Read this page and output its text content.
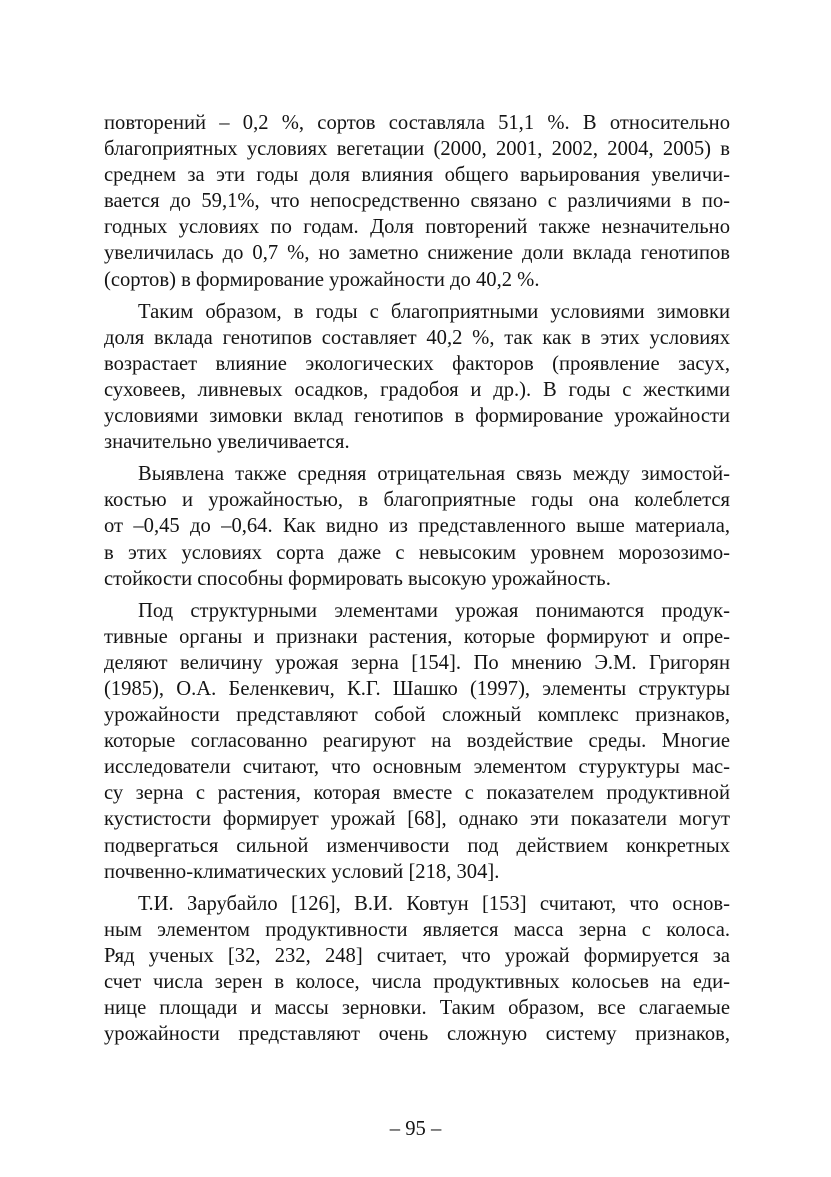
повторений – 0,2 %, сортов составляла 51,1 %. В относительно
благоприятных условиях вегетации (2000, 2001, 2002, 2004, 2005) в
среднем за эти годы доля влияния общего варьирования увеличи-
вается до 59,1%, что непосредственно связано с различиями в по-
годных условиях по годам. Доля повторений также незначительно
увеличилась до 0,7 %, но заметно снижение доли вклада генотипов
(сортов) в формирование урожайности до 40,2 %.
Таким образом, в годы с благоприятными условиями зимовки
доля вклада генотипов составляет 40,2 %, так как в этих условиях
возрастает влияние экологических факторов (проявление засух,
суховеев, ливневых осадков, градобоя и др.). В годы с жесткими
условиями зимовки вклад генотипов в формирование урожайности
значительно увеличивается.
Выявлена также средняя отрицательная связь между зимостой-
костью и урожайностью, в благоприятные годы она колеблется
от –0,45 до –0,64. Как видно из представленного выше материала,
в этих условиях сорта даже с невысоким уровнем морозозимо-
стойкости способны формировать высокую урожайность.
Под структурными элементами урожая понимаются продук-
тивные органы и признаки растения, которые формируют и опре-
деляют величину урожая зерна [154]. По мнению Э.М. Григорян
(1985), О.А. Беленкевич, К.Г. Шашко (1997), элементы структуры
урожайности представляют собой сложный комплекс признаков,
которые согласованно реагируют на воздействие среды. Многие
исследователи считают, что основным элементом стуруктуры мас-
су зерна с растения, которая вместе с показателем продуктивной
кустистости формирует урожай [68], однако эти показатели могут
подвергаться сильной изменчивости под действием конкретных
почвенно-климатических условий [218, 304].
Т.И. Зарубайло [126], В.И. Ковтун [153] считают, что основ-
ным элементом продуктивности является масса зерна с колоса.
Ряд ученых [32, 232, 248] считает, что урожай формируется за
счет числа зерен в колосе, числа продуктивных колосьев на еди-
нице площади и массы зерновки. Таким образом, все слагаемые
урожайности представляют очень сложную систему признаков,
– 95 –
